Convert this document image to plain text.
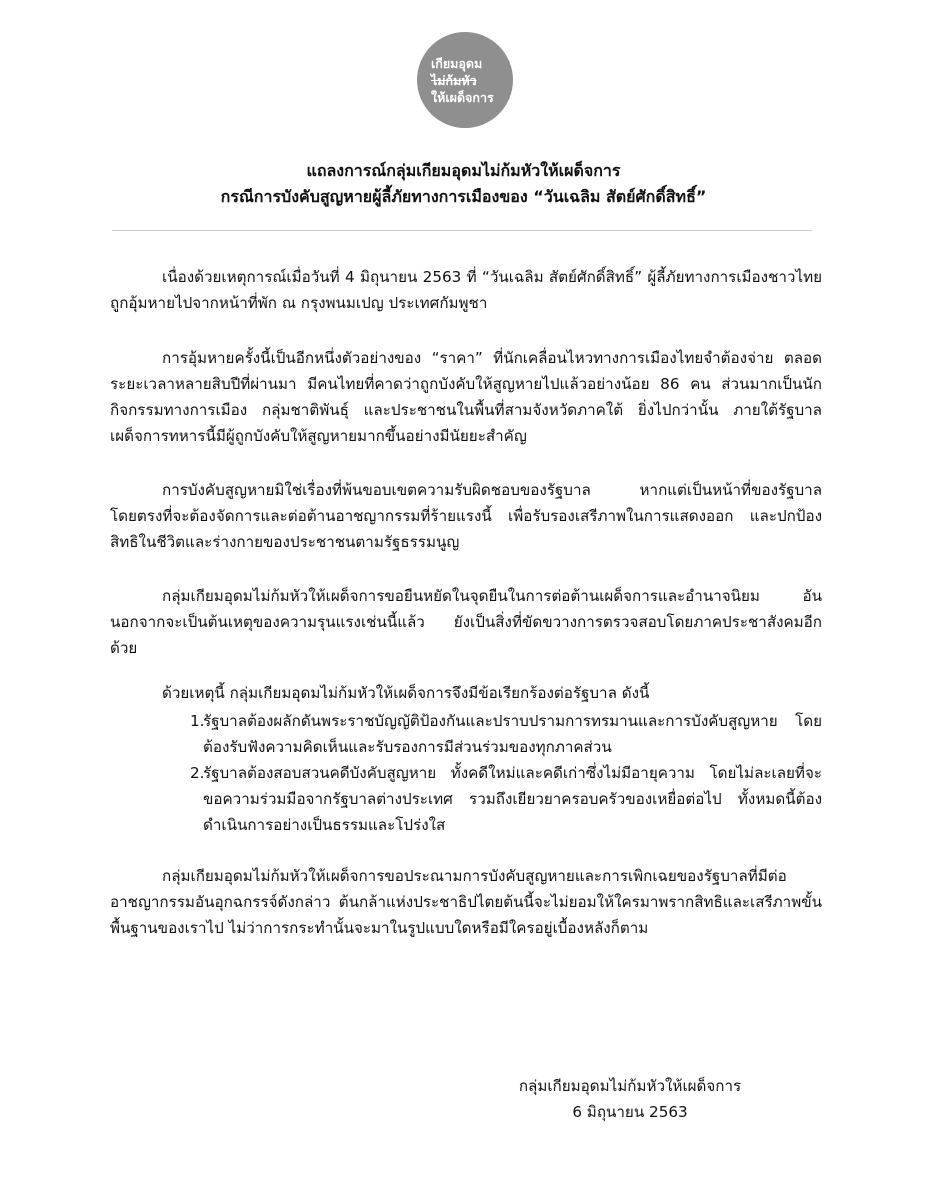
เกียมอุดม
ไม่ก้มหัว
ให้เผด็จการ
แถลงการณ์กลุ่มเกียมอุดมไม่ก้มหัวให้เผด็จการ
กรณีการบังคับสูญหายผู้ลี้ภัยทางการเมืองของ “วันเฉลิม สัตย์ศักดิ์สิทธิ์”

เนื่องด้วยเหตุการณ์เมื่อวันที่ 4 มิถุนายน 2563 ที่ “วันเฉลิม สัตย์ศักดิ์สิทธิ์” ผู้ลี้ภัยทางการเมืองชาวไทยถูกอุ้มหายไปจากหน้าที่พัก ณ กรุงพนมเปญ ประเทศกัมพูชา

การอุ้มหายครั้งนี้เป็นอีกหนึ่งตัวอย่างของ “ราคา” ที่นักเคลื่อนไหวทางการเมืองไทยจำต้องจ่าย ตลอดระยะเวลาหลายสิบปีที่ผ่านมา มีคนไทยที่คาดว่าถูกบังคับให้สูญหายไปแล้วอย่างน้อย 86 คน ส่วนมากเป็นนักกิจกรรมทางการเมือง กลุ่มชาติพันธุ์ และประชาชนในพื้นที่สามจังหวัดภาคใต้ ยิ่งไปกว่านั้น ภายใต้รัฐบาลเผด็จการทหารนี้มีผู้ถูกบังคับให้สูญหายมากขึ้นอย่างมีนัยยะสำคัญ

การบังคับสูญหายมิใช่เรื่องที่พ้นขอบเขตความรับผิดชอบของรัฐบาล หากแต่เป็นหน้าที่ของรัฐบาลโดยตรงที่จะต้องจัดการและต่อต้านอาชญากรรมที่ร้ายแรงนี้ เพื่อรับรองเสรีภาพในการแสดงออก และปกป้องสิทธิในชีวิตและร่างกายของประชาชนตามรัฐธรรมนูญ

กลุ่มเกียมอุดมไม่ก้มหัวให้เผด็จการขอยืนหยัดในจุดยืนในการต่อต้านเผด็จการและอำนาจนิยม อันนอกจากจะเป็นต้นเหตุของความรุนแรงเช่นนี้แล้ว ยังเป็นสิ่งที่ขัดขวางการตรวจสอบโดยภาคประชาสังคมอีกด้วย

ด้วยเหตุนี้ กลุ่มเกียมอุดมไม่ก้มหัวให้เผด็จการจึงมีข้อเรียกร้องต่อรัฐบาล ดังนี้

1.
รัฐบาลต้องผลักดันพระราชบัญญัติป้องกันและปราบปรามการทรมานและการบังคับสูญหาย โดยต้องรับฟังความคิดเห็นและรับรองการมีส่วนร่วมของทุกภาคส่วน
2.
รัฐบาลต้องสอบสวนคดีบังคับสูญหาย ทั้งคดีใหม่และคดีเก่าซึ่งไม่มีอายุความ โดยไม่ละเลยที่จะขอความร่วมมือจากรัฐบาลต่างประเทศ รวมถึงเยียวยาครอบครัวของเหยื่อต่อไป ทั้งหมดนี้ต้องดำเนินการอย่างเป็นธรรมและโปร่งใส

กลุ่มเกียมอุดมไม่ก้มหัวให้เผด็จการขอประณามการบังคับสูญหายและการเพิกเฉยของรัฐบาลที่มีต่ออาชญากรรมอันอุกฉกรรจ์ดังกล่าว ต้นกล้าแห่งประชาธิปไตยต้นนี้จะไม่ยอมให้ใครมาพรากสิทธิและเสรีภาพขั้นพื้นฐานของเราไป ไม่ว่าการกระทำนั้นจะมาในรูปแบบใดหรือมีใครอยู่เบื้องหลังก็ตาม

กลุ่มเกียมอุดมไม่ก้มหัวให้เผด็จการ
6 มิถุนายน 2563
